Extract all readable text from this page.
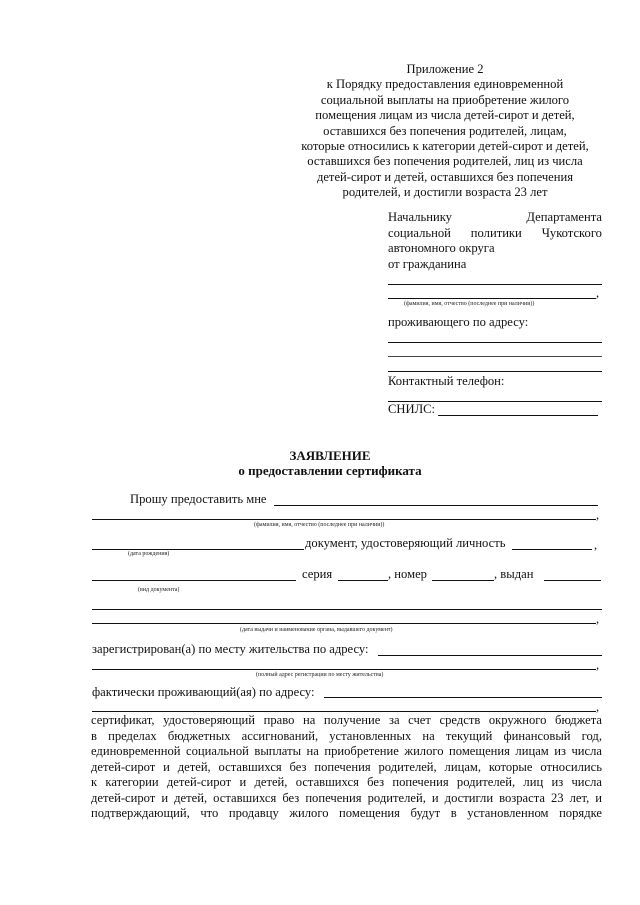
Приложение 2
к Порядку предоставления единовременной
социальной выплаты на приобретение жилого
помещения лицам из числа детей-сирот и детей,
оставшихся без попечения родителей, лицам,
которые относились к категории детей-сирот и детей,
оставшихся без попечения родителей, лиц из числа
детей-сирот и детей, оставшихся без попечения
родителей, и достигли возраста 23 лет
Начальнику	Департамента
социальной политики Чукотского
автономного округа
от гражданина
,
(фамилия, имя, отчество (последнее при наличии))
проживающего по адресу:
Контактный телефон:
СНИЛС:
ЗАЯВЛЕНИЕ
о предоставлении сертификата
Прошу предоставить мне
,
(фамилия, имя, отчество (последнее при наличии))
документ, удостоверяющий личность	,
(дата рождения)
серия	, номер	, выдан
(вид документа)
,
(дата выдачи и наименование органа, выдавшего документ)
зарегистрирован(а) по месту жительства по адресу:
,
(полный адрес регистрации по месту жительства)
фактически проживающий(ая) по адресу:
,
сертификат, удостоверяющий право на получение за счет средств окружного бюджета
в пределах бюджетных ассигнований, установленных на текущий финансовый год,
единовременной социальной выплаты на приобретение жилого помещения лицам из числа
детей-сирот и детей, оставшихся без попечения родителей, лицам, которые относились
к категории детей-сирот и детей, оставшихся без попечения родителей, лиц из числа
детей-сирот и детей, оставшихся без попечения родителей, и достигли возраста 23 лет, и
подтверждающий, что продавцу жилого помещения будут в установленном порядке
